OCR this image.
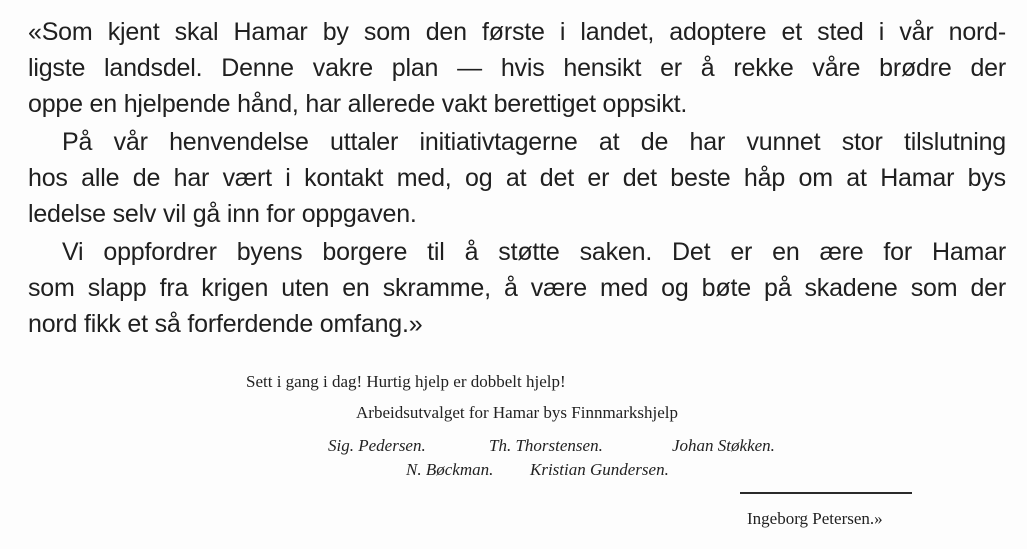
«Som kjent skal Hamar by som den første i landet, adoptere et sted i vår nord-
ligste landsdel. Denne vakre plan — hvis hensikt er å rekke våre brødre der
oppe en hjelpende hånd, har allerede vakt berettiget oppsikt.
På vår henvendelse uttaler initiativtagerne at de har vunnet stor tilslutning
hos alle de har vært i kontakt med, og at det er det beste håp om at Hamar bys
ledelse selv vil gå inn for oppgaven.
Vi oppfordrer byens borgere til å støtte saken. Det er en ære for Hamar
som slapp fra krigen uten en skramme, å være med og bøte på skadene som der
nord fikk et så forferdende omfang.»
Sett i gang i dag! Hurtig hjelp er dobbelt hjelp!
Arbeidsutvalget for Hamar bys Finnmarkshjelp
Sig. Pedersen.	Th. Thorstensen.	Johan Støkken.
N. Bøckman. Kristian Gundersen.
Ingeborg Petersen.»
